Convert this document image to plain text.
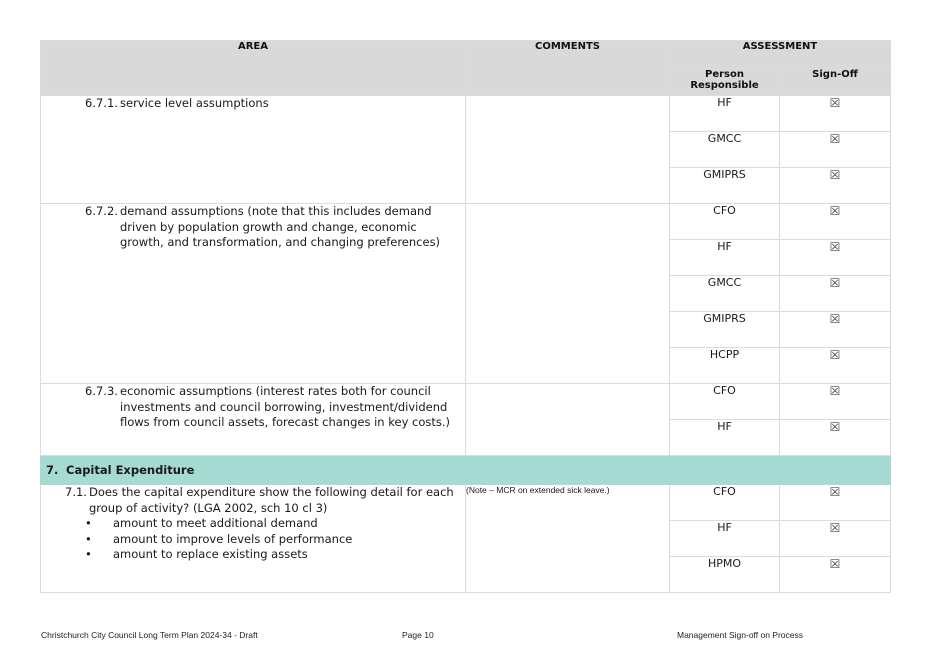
AREA	COMMENTS	ASSESSMENT	
		Person Responsible	Sign-Off

6.7.1. service level assumptions		HF	☒
		GMCC	☒
		GMIPRS	☒

6.7.2. demand assumptions (note that this includes demand driven by population growth and change, economic growth, and transformation, and changing preferences)		CFO	☒
		HF	☒
		GMCC	☒
		GMIPRS	☒
		HCPP	☒

6.7.3. economic assumptions (interest rates both for council investments and council borrowing, investment/dividend flows from council assets, forecast changes in key costs.)		CFO	☒
		HF	☒
7. Capital Expenditure			

7.1. Does the capital expenditure show the following detail for each group of activity? (LGA 2002, sch 10 cl 3)
•	amount to meet additional demand
•	amount to improve levels of performance
•	amount to replace existing assets
	(Note – MCR on extended sick leave.)	CFO	☒
		HF	☒
		HPMO	☒
Christchurch City Council Long Term Plan 2024-34 - Draft	Page 10	Management Sign-off on Process
